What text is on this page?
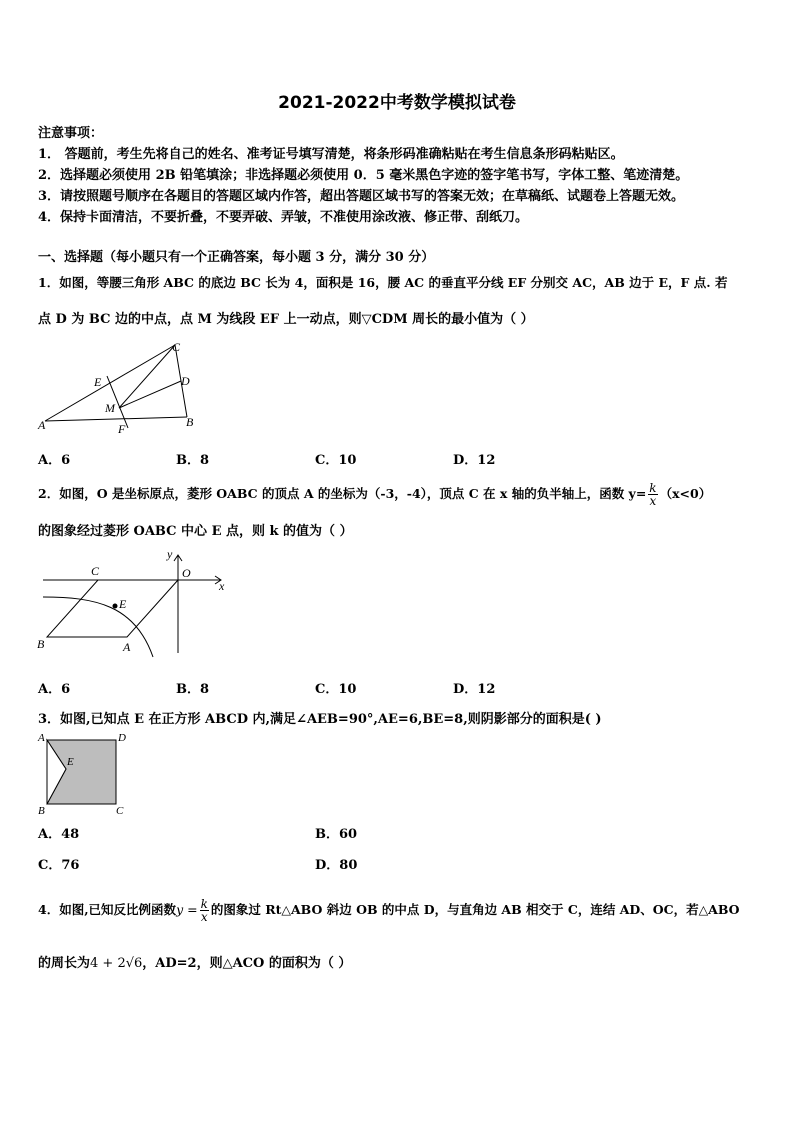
2021-2022中考数学模拟试卷
注意事项：
1． 答题前，考生先将自己的姓名、准考证号填写清楚，将条形码准确粘贴在考生信息条形码粘贴区。
2．选择题必须使用 2B 铅笔填涂；非选择题必须使用 0．5 毫米黑色字迹的签字笔书写，字体工整、笔迹清楚。
3．请按照题号顺序在各题目的答题区域内作答，超出答题区域书写的答案无效；在草稿纸、试题卷上答题无效。
4．保持卡面清洁，不要折叠，不要弄破、弄皱，不准使用涂改液、修正带、刮纸刀。
一、选择题（每小题只有一个正确答案，每小题 3 分，满分 30 分）
1．如图，等腰三角形 ABC 的底边 BC 长为 4，面积是 16，腰 AC 的垂直平分线 EF 分别交 AC，AB 边于 E，F 点. 若
点 D 为 BC 边的中点，点 M 为线段 EF 上一动点，则▽CDM 周长的最小值为（ ）
C
E	D
M
A	F	B
A．6	B．8	C．10	D．12
2．如图，O 是坐标原点，菱形 OABC 的顶点 A 的坐标为（-3，-4），顶点 C 在 x 轴的负半轴上，函数 $y= \frac{k}{x} (x<0)$
的图象经过菱形 OABC 中心 E 点，则 k 的值为（ ）
C
y
O
x
E
B	A
A．6	B．8	C．10	D．12
3．如图,已知点 E 在正方形 ABCD 内,满足∠AEB=90°,AE=6,BE=8,则阴影部分的面积是( )
A	D
E
B	C
A．48	B．60
C．76	D．80
4．如图,已知反比例函数$y = \frac{k}{x}$ 的图象过 Rt△ABO 斜边 OB 的中点 D，与直角边 AB 相交于 C，连结 AD、OC，若△ABO
的周长为4 + 2√6，AD=2，则△ACO 的面积为（ ）
